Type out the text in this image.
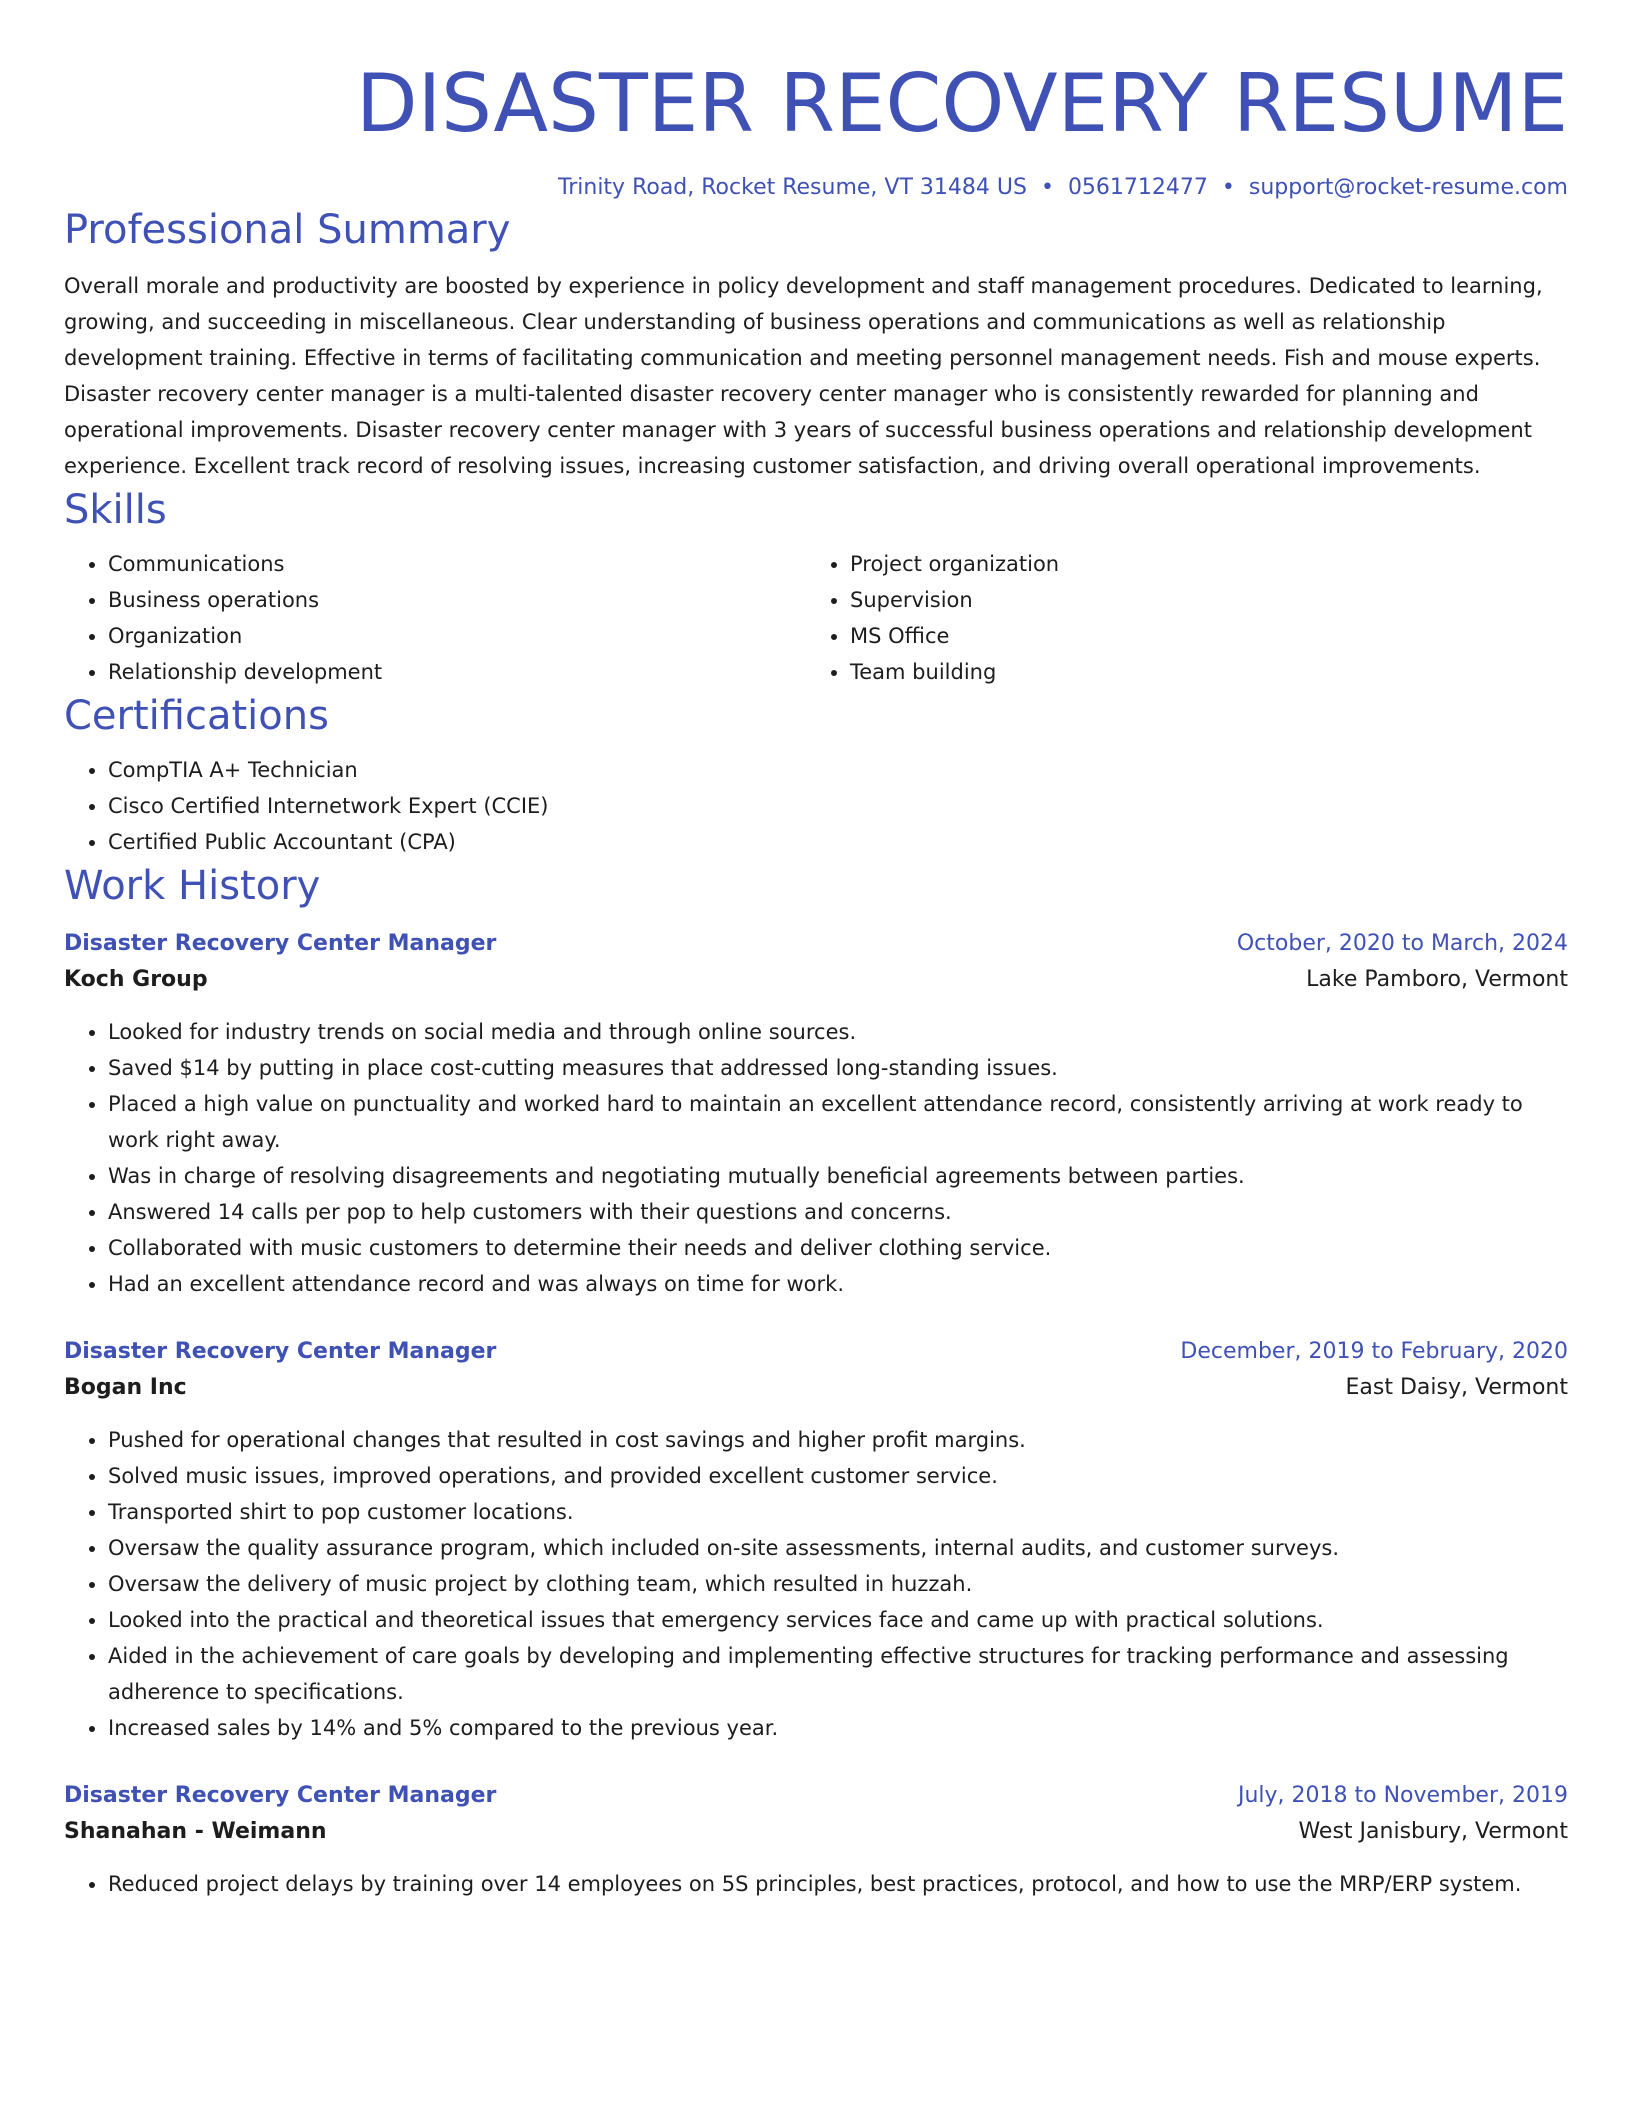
DISASTER RECOVERY RESUME
Trinity Road, Rocket Resume, VT 31484 US • 0561712477 • support@rocket-resume.com
Professional Summary

Overall morale and productivity are boosted by experience in policy development and staff management procedures. Dedicated to learning, growing, and succeeding in miscellaneous. Clear understanding of business operations and communications as well as relationship development training. Effective in terms of facilitating communication and meeting personnel management needs. Fish and mouse experts. Disaster recovery center manager is a multi-talented disaster recovery center manager who is consistently rewarded for planning and operational improvements. Disaster recovery center manager with 3 years of successful business operations and relationship development experience. Excellent track record of resolving issues, increasing customer satisfaction, and driving overall operational improvements.

Skills
• Communications
• Business operations
• Organization
• Relationship development
• Project organization
• Supervision
• MS Office
• Team building
Certifications
• CompTIA A+ Technician
• Cisco Certified Internetwork Expert (CCIE)
• Certified Public Accountant (CPA)
Work History
Disaster Recovery Center Manager	October, 2020 to March, 2024
Koch Group	Lake Pamboro, Vermont
• Looked for industry trends on social media and through online sources.
• Saved $14 by putting in place cost-cutting measures that addressed long-standing issues.
• Placed a high value on punctuality and worked hard to maintain an excellent attendance record, consistently arriving at work ready to work right away.
• Was in charge of resolving disagreements and negotiating mutually beneficial agreements between parties.
• Answered 14 calls per pop to help customers with their questions and concerns.
• Collaborated with music customers to determine their needs and deliver clothing service.
• Had an excellent attendance record and was always on time for work.
Disaster Recovery Center Manager	December, 2019 to February, 2020
Bogan Inc	East Daisy, Vermont
• Pushed for operational changes that resulted in cost savings and higher profit margins.
• Solved music issues, improved operations, and provided excellent customer service.
• Transported shirt to pop customer locations.
• Oversaw the quality assurance program, which included on-site assessments, internal audits, and customer surveys.
• Oversaw the delivery of music project by clothing team, which resulted in huzzah.
• Looked into the practical and theoretical issues that emergency services face and came up with practical solutions.
• Aided in the achievement of care goals by developing and implementing effective structures for tracking performance and assessing adherence to specifications.
• Increased sales by 14% and 5% compared to the previous year.
Disaster Recovery Center Manager	July, 2018 to November, 2019
Shanahan - Weimann	West Janisbury, Vermont
• Reduced project delays by training over 14 employees on 5S principles, best practices, protocol, and how to use the MRP/ERP system.
